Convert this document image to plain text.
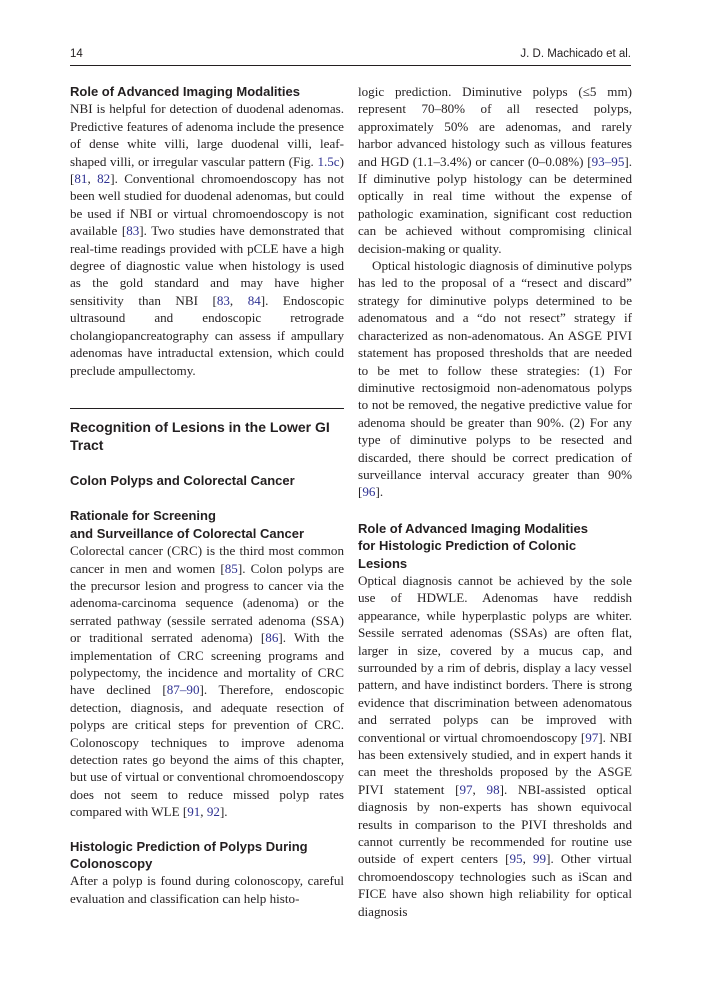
14	J. D. Machicado et al.
Role of Advanced Imaging Modalities

NBI is helpful for detection of duodenal adenomas. Predictive features of adenoma include the presence of dense white villi, large duodenal villi, leaf-shaped villi, or irregular vascular pattern (Fig. 1.5c) [81, 82]. Conventional chromoendoscopy has not been well studied for duodenal adenomas, but could be used if NBI or virtual chromoendoscopy is not available [83]. Two studies have demonstrated that real-time readings provided with pCLE have a high degree of diagnostic value when histology is used as the gold standard and may have higher sensitivity than NBI [83, 84]. Endoscopic ultrasound and endoscopic retrograde cholangiopancreatography can assess if ampullary adenomas have intraductal extension, which could preclude ampullectomy.

Recognition of Lesions in the Lower GI Tract
Colon Polyps and Colorectal Cancer
Rationale for Screening
and Surveillance of Colorectal Cancer

Colorectal cancer (CRC) is the third most common cancer in men and women [85]. Colon polyps are the precursor lesion and progress to cancer via the adenoma-carcinoma sequence (adenoma) or the serrated pathway (sessile serrated adenoma (SSA) or traditional serrated adenoma) [86]. With the implementation of CRC screening programs and polypectomy, the incidence and mortality of CRC have declined [87–90]. Therefore, endoscopic detection, diagnosis, and adequate resection of polyps are critical steps for prevention of CRC. Colonoscopy techniques to improve adenoma detection rates go beyond the aims of this chapter, but use of virtual or conventional chromoendoscopy does not seem to reduce missed polyp rates compared with WLE [91, 92].

Histologic Prediction of Polyps During
Colonoscopy

After a polyp is found during colonoscopy, careful evaluation and classification can help histo-

logic prediction. Diminutive polyps (≤5 mm) represent 70–80% of all resected polyps, approximately 50% are adenomas, and rarely harbor advanced histology such as villous features and HGD (1.1–3.4%) or cancer (0–0.08%) [93–95]. If diminutive polyp histology can be determined optically in real time without the expense of pathologic examination, significant cost reduction can be achieved without compromising clinical decision-making or quality.

Optical histologic diagnosis of diminutive polyps has led to the proposal of a “resect and discard” strategy for diminutive polyps determined to be adenomatous and a “do not resect” strategy if characterized as non-adenomatous. An ASGE PIVI statement has proposed thresholds that are needed to be met to follow these strategies: (1) For diminutive rectosigmoid non-adenomatous polyps to not be removed, the negative predictive value for adenoma should be greater than 90%. (2) For any type of diminutive polyps to be resected and discarded, there should be correct predication of surveillance interval accuracy greater than 90% [96].

Role of Advanced Imaging Modalities
for Histologic Prediction of Colonic
Lesions

Optical diagnosis cannot be achieved by the sole use of HDWLE. Adenomas have reddish appearance, while hyperplastic polyps are whiter. Sessile serrated adenomas (SSAs) are often flat, larger in size, covered by a mucus cap, and surrounded by a rim of debris, display a lacy vessel pattern, and have indistinct borders. There is strong evidence that discrimination between adenomatous and serrated polyps can be improved with conventional or virtual chromoendoscopy [97]. NBI has been extensively studied, and in expert hands it can meet the thresholds proposed by the ASGE PIVI statement [97, 98]. NBI-assisted optical diagnosis by non-experts has shown equivocal results in comparison to the PIVI thresholds and cannot currently be recommended for routine use outside of expert centers [95, 99]. Other virtual chromoendoscopy technologies such as iScan and FICE have also shown high reliability for optical diagnosis
